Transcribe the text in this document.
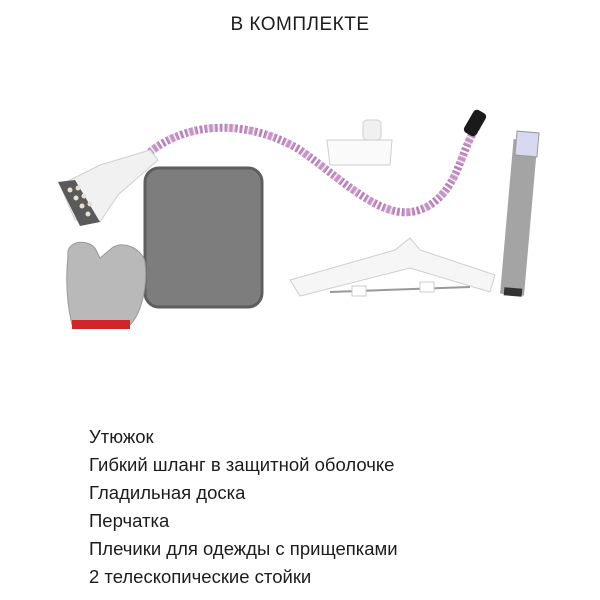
В КОМПЛЕКТЕ
Утюжок
Гибкий шланг в защитной оболочке
Гладильная доска
Перчатка
Плечики для одежды с прищепками
2 телескопические стойки
